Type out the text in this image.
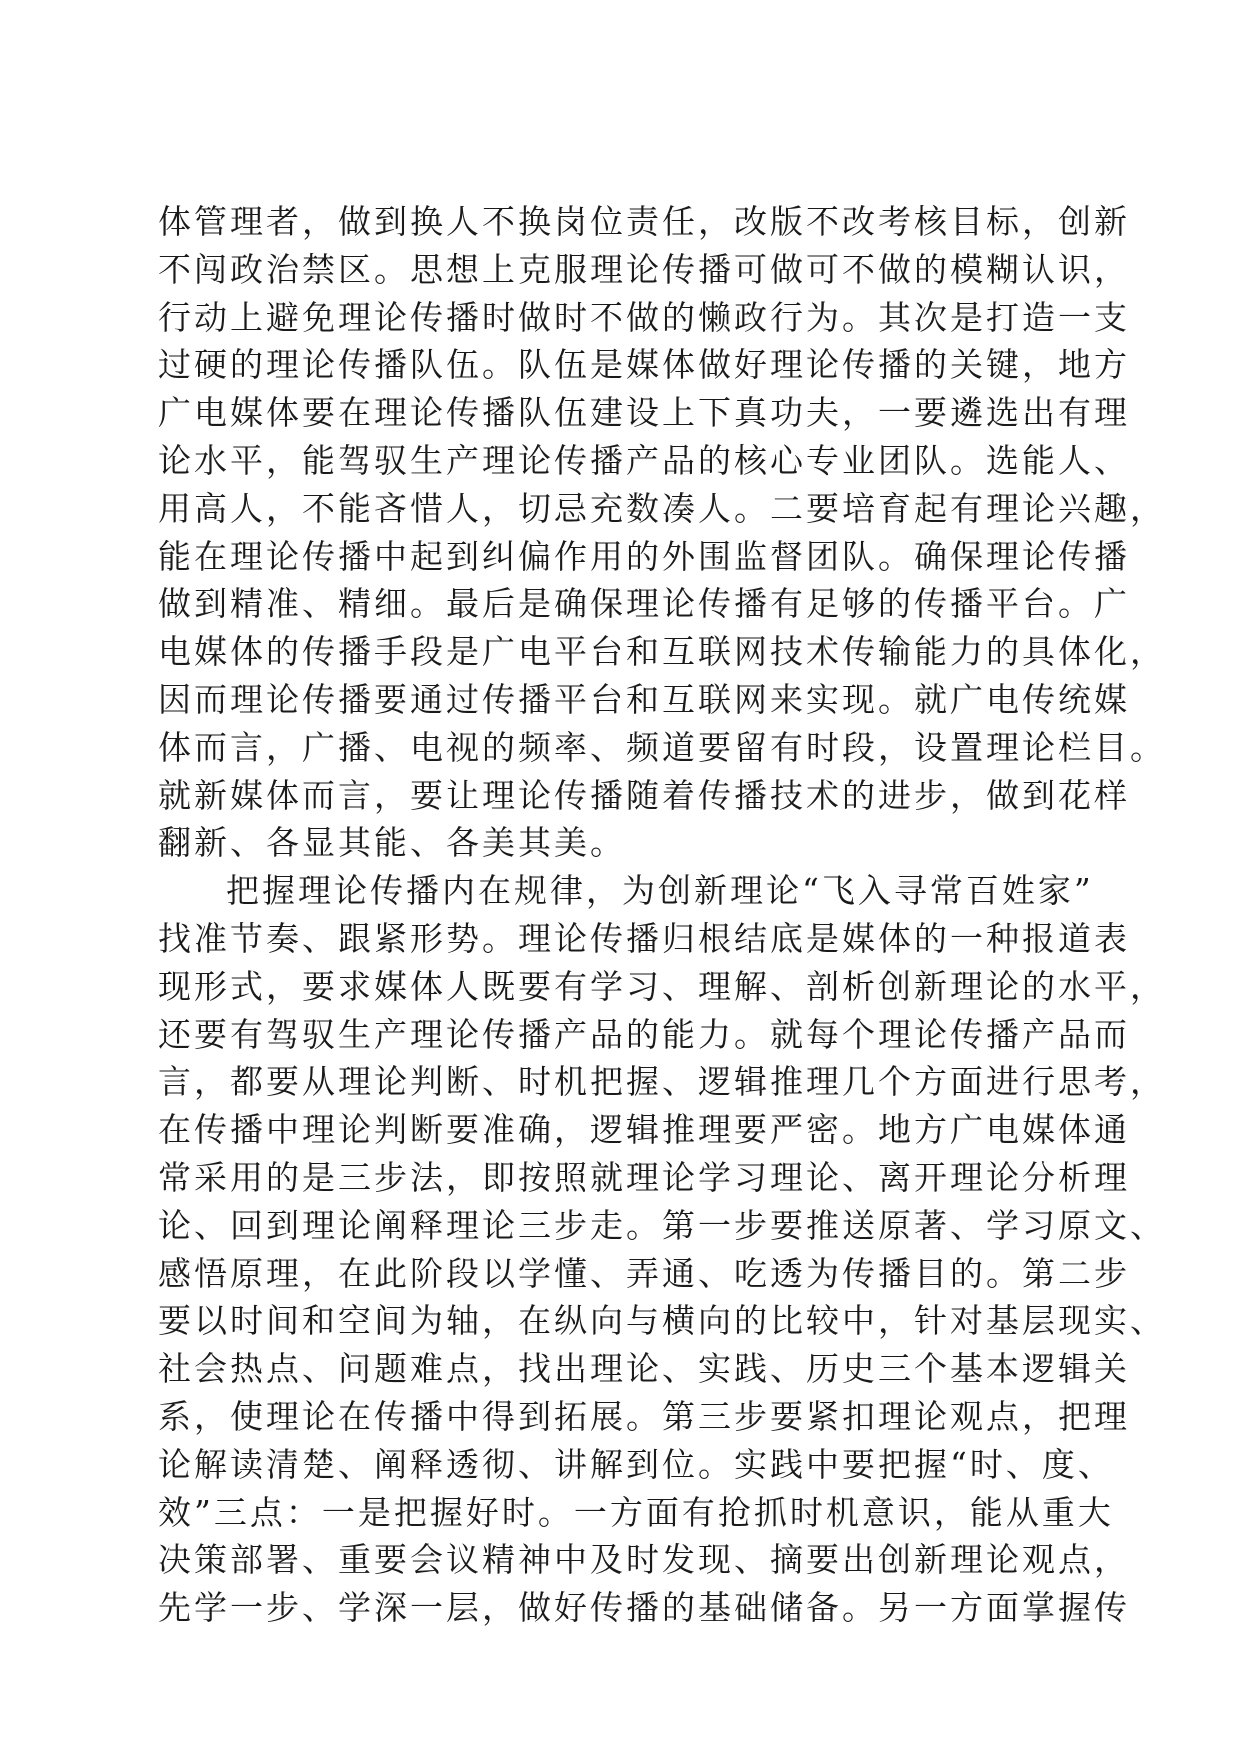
体管理者，做到换人不换岗位责任，改版不改考核目标，创新
不闯政治禁区。思想上克服理论传播可做可不做的模糊认识，
行动上避免理论传播时做时不做的懒政行为。其次是打造一支
过硬的理论传播队伍。队伍是媒体做好理论传播的关键，地方
广电媒体要在理论传播队伍建设上下真功夫，一要遴选出有理
论水平，能驾驭生产理论传播产品的核心专业团队。选能人、
用高人，不能吝惜人，切忌充数凑人。二要培育起有理论兴趣，
能在理论传播中起到纠偏作用的外围监督团队。确保理论传播
做到精准、精细。最后是确保理论传播有足够的传播平台。广
电媒体的传播手段是广电平台和互联网技术传输能力的具体化，
因而理论传播要通过传播平台和互联网来实现。就广电传统媒
体而言，广播、电视的频率、频道要留有时段，设置理论栏目。
就新媒体而言，要让理论传播随着传播技术的进步，做到花样
翻新、各显其能、各美其美。
把握理论传播内在规律，为创新理论“飞入寻常百姓家”
找准节奏、跟紧形势。理论传播归根结底是媒体的一种报道表
现形式，要求媒体人既要有学习、理解、剖析创新理论的水平，
还要有驾驭生产理论传播产品的能力。就每个理论传播产品而
言，都要从理论判断、时机把握、逻辑推理几个方面进行思考，
在传播中理论判断要准确，逻辑推理要严密。地方广电媒体通
常采用的是三步法，即按照就理论学习理论、离开理论分析理
论、回到理论阐释理论三步走。第一步要推送原著、学习原文、
感悟原理，在此阶段以学懂、弄通、吃透为传播目的。第二步
要以时间和空间为轴，在纵向与横向的比较中，针对基层现实、
社会热点、问题难点，找出理论、实践、历史三个基本逻辑关
系，使理论在传播中得到拓展。第三步要紧扣理论观点，把理
论解读清楚、阐释透彻、讲解到位。实践中要把握“时、度、
效”三点：一是把握好时。一方面有抢抓时机意识，能从重大
决策部署、重要会议精神中及时发现、摘要出创新理论观点，
先学一步、学深一层，做好传播的基础储备。另一方面掌握传
